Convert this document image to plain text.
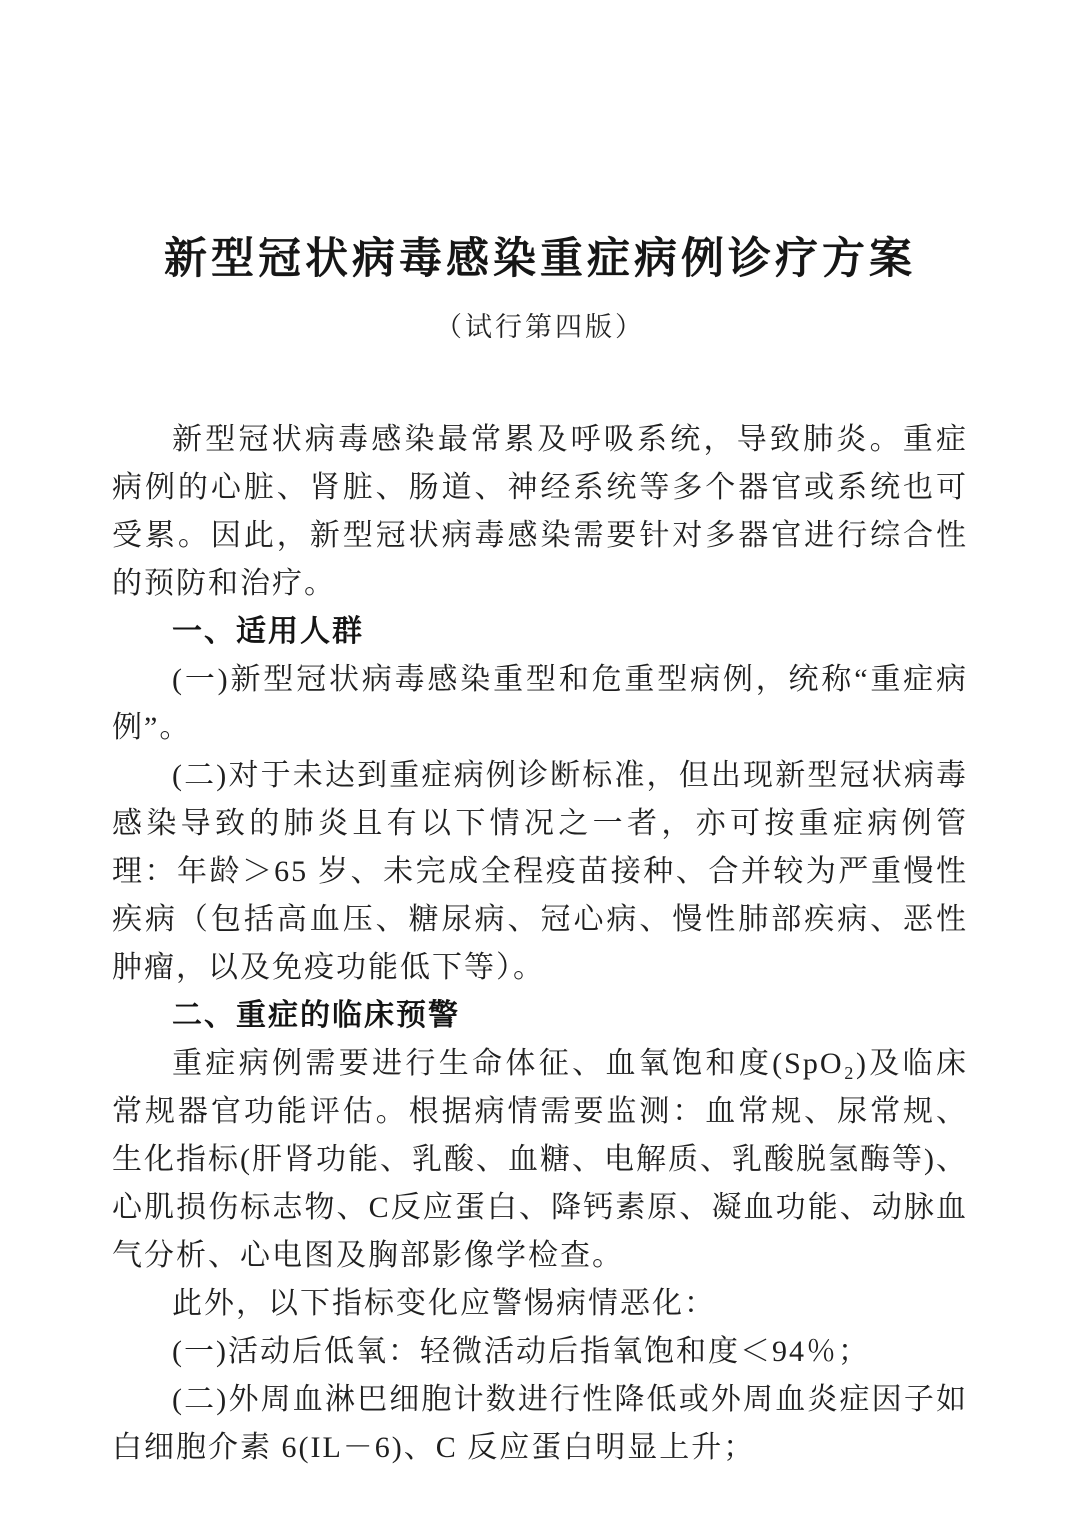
新型冠状病毒感染重症病例诊疗方案
（试行第四版）

新型冠状病毒感染最常累及呼吸系统，导致肺炎。重症病例的心脏、肾脏、肠道、神经系统等多个器官或系统也可受累。因此，新型冠状病毒感染需要针对多器官进行综合性的预防和治疗。

一、适用人群

(一)新型冠状病毒感染重型和危重型病例，统称“重症病例”。

(二)对于未达到重症病例诊断标准，但出现新型冠状病毒感染导致的肺炎且有以下情况之一者，亦可按重症病例管理：年龄＞65 岁、未完成全程疫苗接种、合并较为严重慢性疾病（包括高血压、糖尿病、冠心病、慢性肺部疾病、恶性肿瘤，以及免疫功能低下等）。

二、重症的临床预警

重症病例需要进行生命体征、血氧饱和度(SpO₂)及临床常规器官功能评估。根据病情需要监测：血常规、尿常规、生化指标(肝肾功能、乳酸、血糖、电解质、乳酸脱氢酶等)、心肌损伤标志物、C反应蛋白、降钙素原、凝血功能、动脉血气分析、心电图及胸部影像学检查。

此外，以下指标变化应警惕病情恶化：

(一)活动后低氧：轻微活动后指氧饱和度＜94％；

(二)外周血淋巴细胞计数进行性降低或外周血炎症因子如白细胞介素 6(IL－6)、C 反应蛋白明显上升；
